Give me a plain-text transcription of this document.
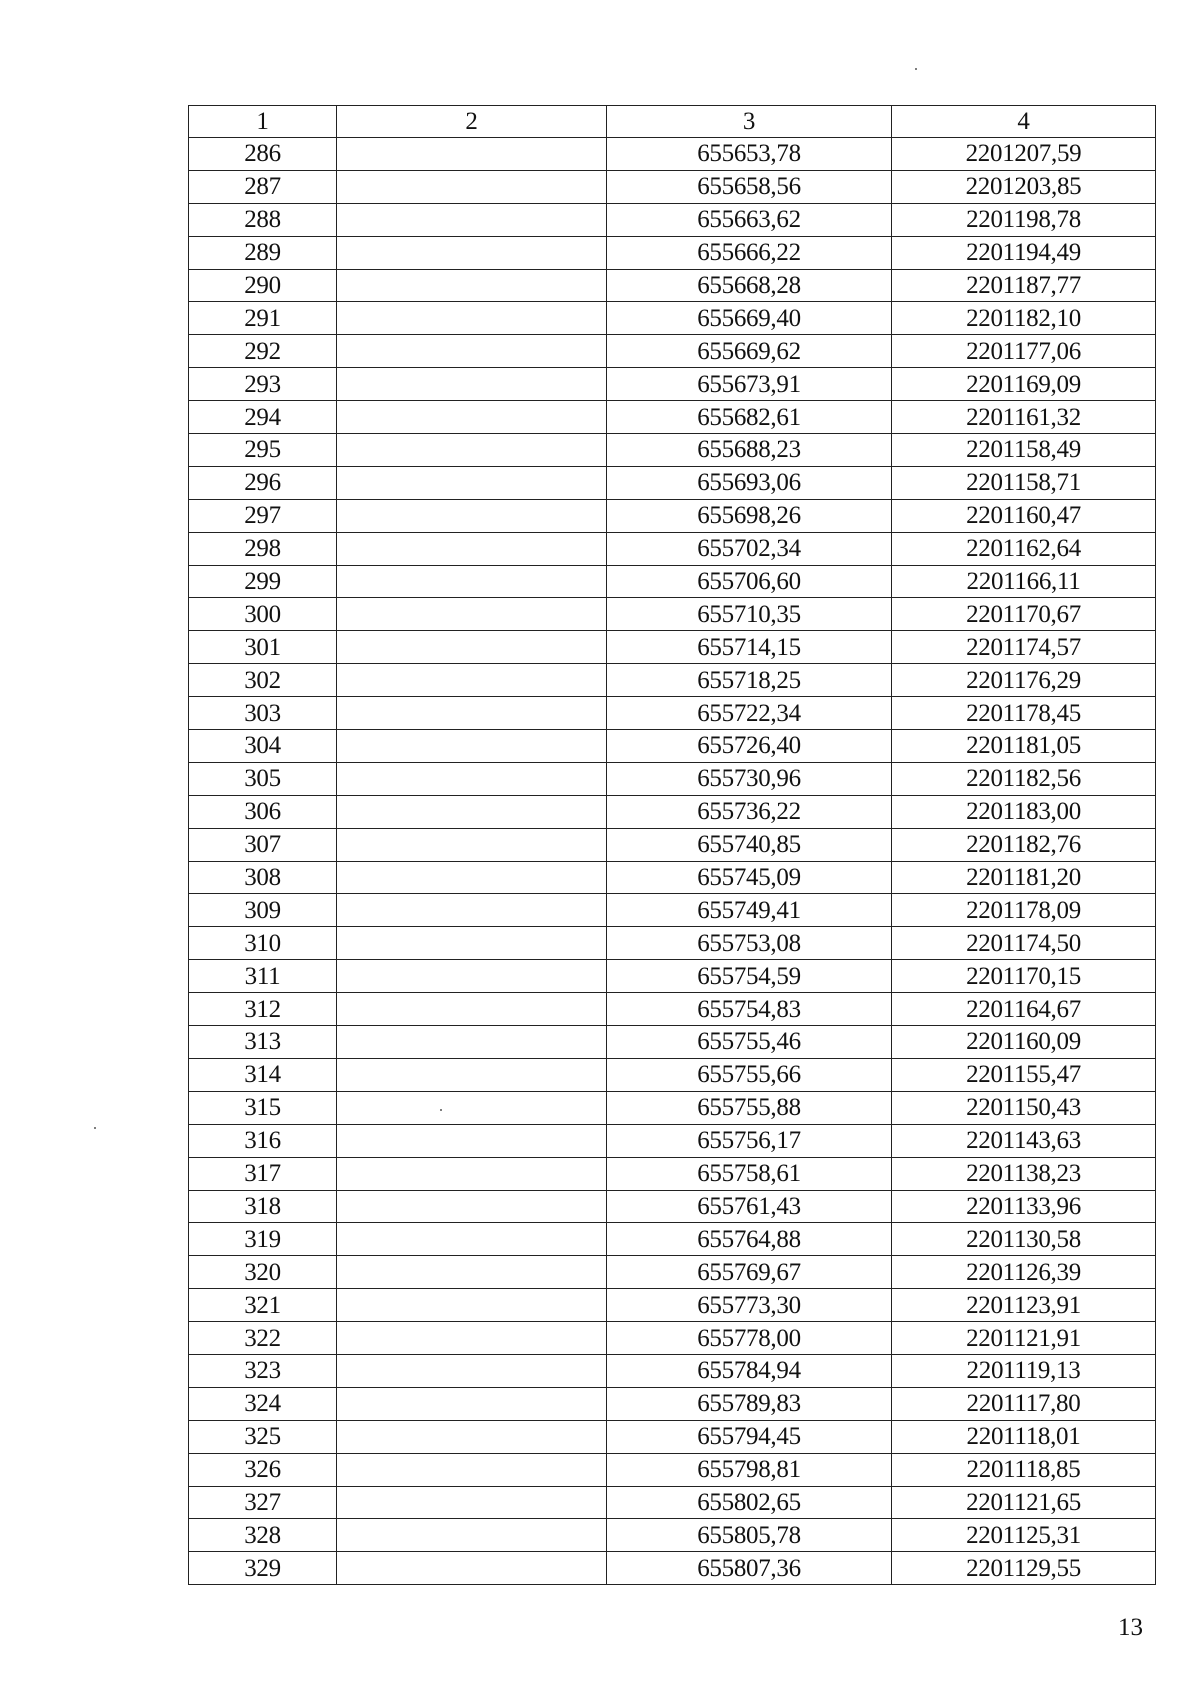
1	2	3	4
286		655653,78	2201207,59
287		655658,56	2201203,85
288		655663,62	2201198,78
289		655666,22	2201194,49
290		655668,28	2201187,77
291		655669,40	2201182,10
292		655669,62	2201177,06
293		655673,91	2201169,09
294		655682,61	2201161,32
295		655688,23	2201158,49
296		655693,06	2201158,71
297		655698,26	2201160,47
298		655702,34	2201162,64
299		655706,60	2201166,11
300		655710,35	2201170,67
301		655714,15	2201174,57
302		655718,25	2201176,29
303		655722,34	2201178,45
304		655726,40	2201181,05
305		655730,96	2201182,56
306		655736,22	2201183,00
307		655740,85	2201182,76
308		655745,09	2201181,20
309		655749,41	2201178,09
310		655753,08	2201174,50
311		655754,59	2201170,15
312		655754,83	2201164,67
313		655755,46	2201160,09
314		655755,66	2201155,47
315		655755,88	2201150,43
316		655756,17	2201143,63
317		655758,61	2201138,23
318		655761,43	2201133,96
319		655764,88	2201130,58
320		655769,67	2201126,39
321		655773,30	2201123,91
322		655778,00	2201121,91
323		655784,94	2201119,13
324		655789,83	2201117,80
325		655794,45	2201118,01
326		655798,81	2201118,85
327		655802,65	2201121,65
328		655805,78	2201125,31
329		655807,36	2201129,55
13
